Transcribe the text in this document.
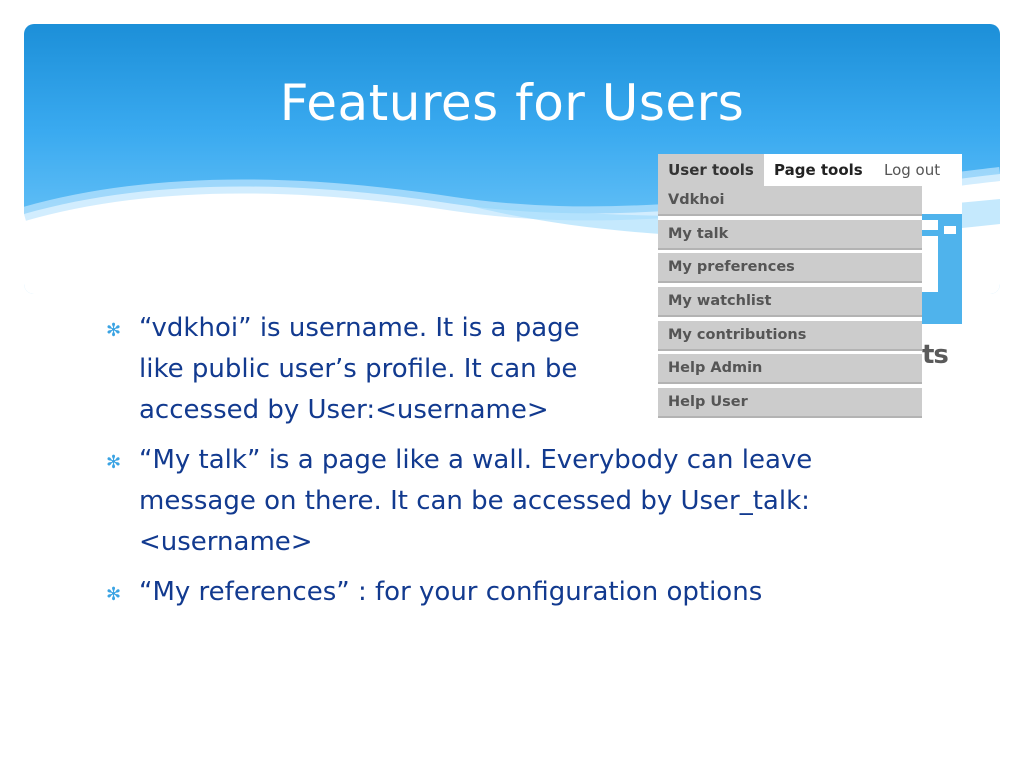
Features for Users
User tools	Page tools Log out
Vdkhoi
My talk
My preferences
My watchlist
My contributions
Help Admin
Help User
ts
✻ “vdkhoi” is username. It is a page like public user’s profile. It can be accessed by User:<username>
✻ “My talk” is a page like a wall. Everybody can leave message on there. It can be accessed by User_talk:<username>
✻ “My references” : for your configuration options
